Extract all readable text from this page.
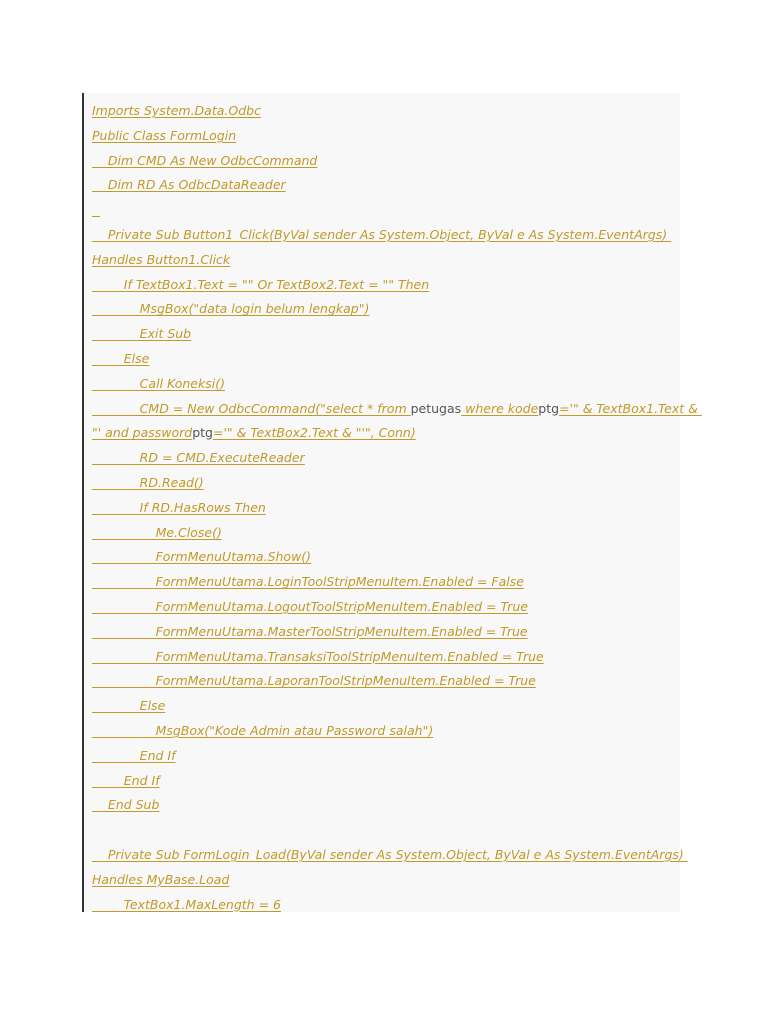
Imports System.Data.Odbc
Public Class FormLogin
Dim CMD As New OdbcCommand
Dim RD As OdbcDataReader

Private Sub Button1_Click(ByVal sender As System.Object, ByVal e As System.EventArgs)
Handles Button1.Click
If TextBox1.Text = "" Or TextBox2.Text = "" Then
MsgBox("data login belum lengkap")
Exit Sub
Else
Call Koneksi()
CMD = New OdbcCommand("select * from petugas where kodeptg='" & TextBox1.Text &
"' and passwordptg='" & TextBox2.Text & "'", Conn)
RD = CMD.ExecuteReader
RD.Read()
If RD.HasRows Then
Me.Close()
FormMenuUtama.Show()
FormMenuUtama.LoginToolStripMenuItem.Enabled = False
FormMenuUtama.LogoutToolStripMenuItem.Enabled = True
FormMenuUtama.MasterToolStripMenuItem.Enabled = True
FormMenuUtama.TransaksiToolStripMenuItem.Enabled = True
FormMenuUtama.LaporanToolStripMenuItem.Enabled = True
Else
MsgBox("Kode Admin atau Password salah")
End If
End If
End Sub
Private Sub FormLogin_Load(ByVal sender As System.Object, ByVal e As System.EventArgs)
Handles MyBase.Load
TextBox1.MaxLength = 6
